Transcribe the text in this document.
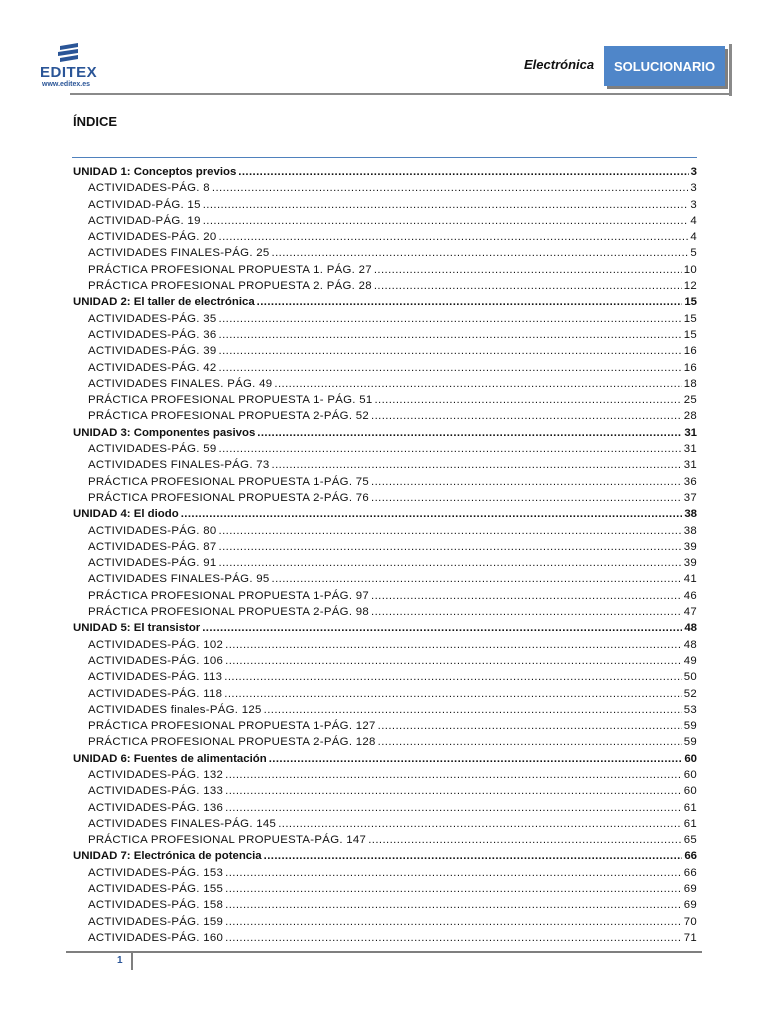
EDITEX
www.editex.es
Electrónica	SOLUCIONARIO
ÍNDICE
UNIDAD 1: Conceptos previos .....	3
ACTIVIDADES-PÁG. 8 .....	3
ACTIVIDAD-PÁG. 15 .....	3
ACTIVIDAD-PÁG. 19 .....	4
ACTIVIDADES-PÁG. 20 .....	4
ACTIVIDADES FINALES-PÁG. 25 .....	5
PRÁCTICA PROFESIONAL PROPUESTA 1. PÁG. 27 .....	10
PRÁCTICA PROFESIONAL PROPUESTA 2. PÁG. 28 .....	12
UNIDAD 2: El taller de electrónica .....	15
ACTIVIDADES-PÁG. 35 .....	15
ACTIVIDADES-PÁG. 36 .....	15
ACTIVIDADES-PÁG. 39 .....	16
ACTIVIDADES-PÁG. 42 .....	16
ACTIVIDADES FINALES. PÁG. 49 .....	18
PRÁCTICA PROFESIONAL PROPUESTA 1- PÁG. 51 .....	25
PRÁCTICA PROFESIONAL PROPUESTA 2-PÁG. 52 .....	28
UNIDAD 3: Componentes pasivos .....	31
ACTIVIDADES-PÁG. 59 .....	31
ACTIVIDADES FINALES-PÁG. 73 .....	31
PRÁCTICA PROFESIONAL PROPUESTA 1-PÁG. 75 .....	36
PRÁCTICA PROFESIONAL PROPUESTA 2-PÁG. 76 .....	37
UNIDAD 4: El diodo .....	38
ACTIVIDADES-PÁG. 80 .....	38
ACTIVIDADES-PÁG. 87 .....	39
ACTIVIDADES-PÁG. 91 .....	39
ACTIVIDADES FINALES-PÁG. 95 .....	41
PRÁCTICA PROFESIONAL PROPUESTA 1-PÁG. 97 .....	46
PRÁCTICA PROFESIONAL PROPUESTA 2-PÁG. 98 .....	47
UNIDAD 5: El transistor .....	48
ACTIVIDADES-PÁG. 102 .....	48
ACTIVIDADES-PÁG. 106 .....	49
ACTIVIDADES-PÁG. 113 .....	50
ACTIVIDADES-PÁG. 118 .....	52
ACTIVIDADES finales-PÁG. 125 .....	53
PRÁCTICA PROFESIONAL PROPUESTA 1-PÁG. 127 .....	59
PRÁCTICA PROFESIONAL PROPUESTA 2-PÁG. 128 .....	59
UNIDAD 6: Fuentes de alimentación .....	60
ACTIVIDADES-PÁG. 132 .....	60
ACTIVIDADES-PÁG. 133 .....	60
ACTIVIDADES-PÁG. 136 .....	61
ACTIVIDADES FINALES-PÁG. 145 .....	61
PRÁCTICA PROFESIONAL PROPUESTA-PÁG. 147 .....	65
UNIDAD 7: Electrónica de potencia .....	66
ACTIVIDADES-PÁG. 153 .....	66
ACTIVIDADES-PÁG. 155 .....	69
ACTIVIDADES-PÁG. 158 .....	69
ACTIVIDADES-PÁG. 159 .....	70
ACTIVIDADES-PÁG. 160 .....	71
1
